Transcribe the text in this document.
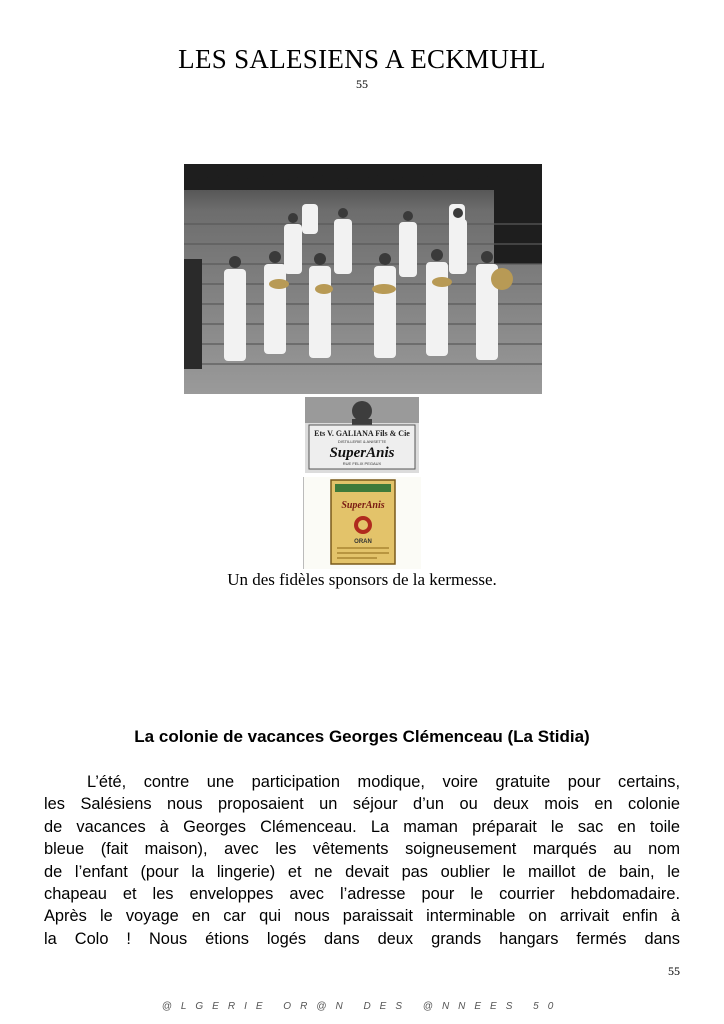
LES SALESIENS A ECKMUHL
55
Ets V. GALIANA Fils & Cie
DISTILLERIE & ANISETTE
SuperAnis
RUE FELIX PEGAUX
SuperAnis
ORAN
Un des fidèles sponsors de la kermesse.
La colonie de vacances Georges Clémenceau (La Stidia)
L’été, contre une participation modique, voire gratuite pour certains,
les Salésiens nous proposaient un séjour d’un ou deux mois en colonie
de vacances à Georges Clémenceau. La maman préparait le sac en toile
bleue (fait maison), avec les vêtements soigneusement marqués au nom
de l’enfant (pour la lingerie) et ne devait pas oublier le maillot de bain, le
chapeau et les enveloppes avec l’adresse pour le courrier hebdomadaire.
Après le voyage en car qui nous paraissait interminable on arrivait enfin à
la Colo ! Nous étions logés dans deux grands hangars fermés dans
55
@LGERIE OR@N DES @NNEES 50
